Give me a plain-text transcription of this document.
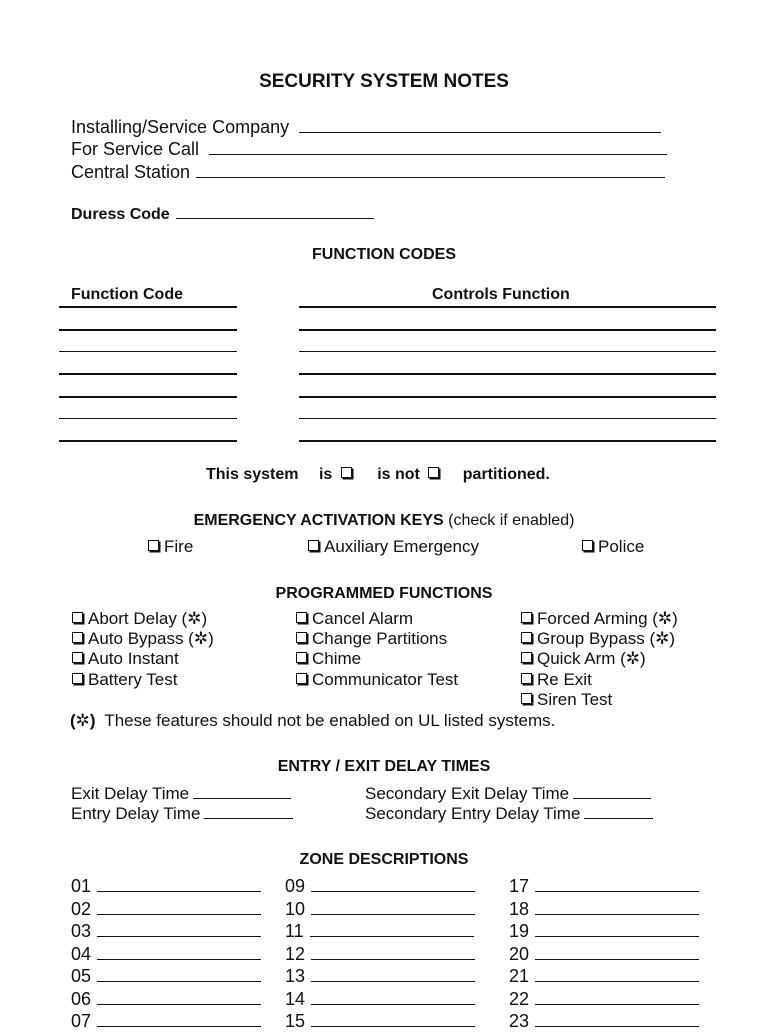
SECURITY SYSTEM NOTES
Installing/Service Company
For Service Call
Central Station
Duress Code
FUNCTION CODES
Function Code	Controls Function
This system is	is not	partitioned.
EMERGENCY ACTIVATION KEYS (check if enabled)
Fire	Auxiliary Emergency	Police
PROGRAMMED FUNCTIONS
Abort Delay (✲)
Auto Bypass (✲)
Auto Instant
Battery Test
Cancel Alarm
Change Partitions
Chime
Communicator Test
Forced Arming (✲)
Group Bypass (✲)
Quick Arm (✲)
Re Exit
Siren Test
(✲) These features should not be enabled on UL listed systems.
ENTRY / EXIT DELAY TIMES
Exit Delay Time
Entry Delay Time
Secondary Exit Delay Time
Secondary Entry Delay Time
ZONE DESCRIPTIONS
01
02
03
04
05
06
07
09
10
11
12
13
14
15
17
18
19
20
21
22
23
